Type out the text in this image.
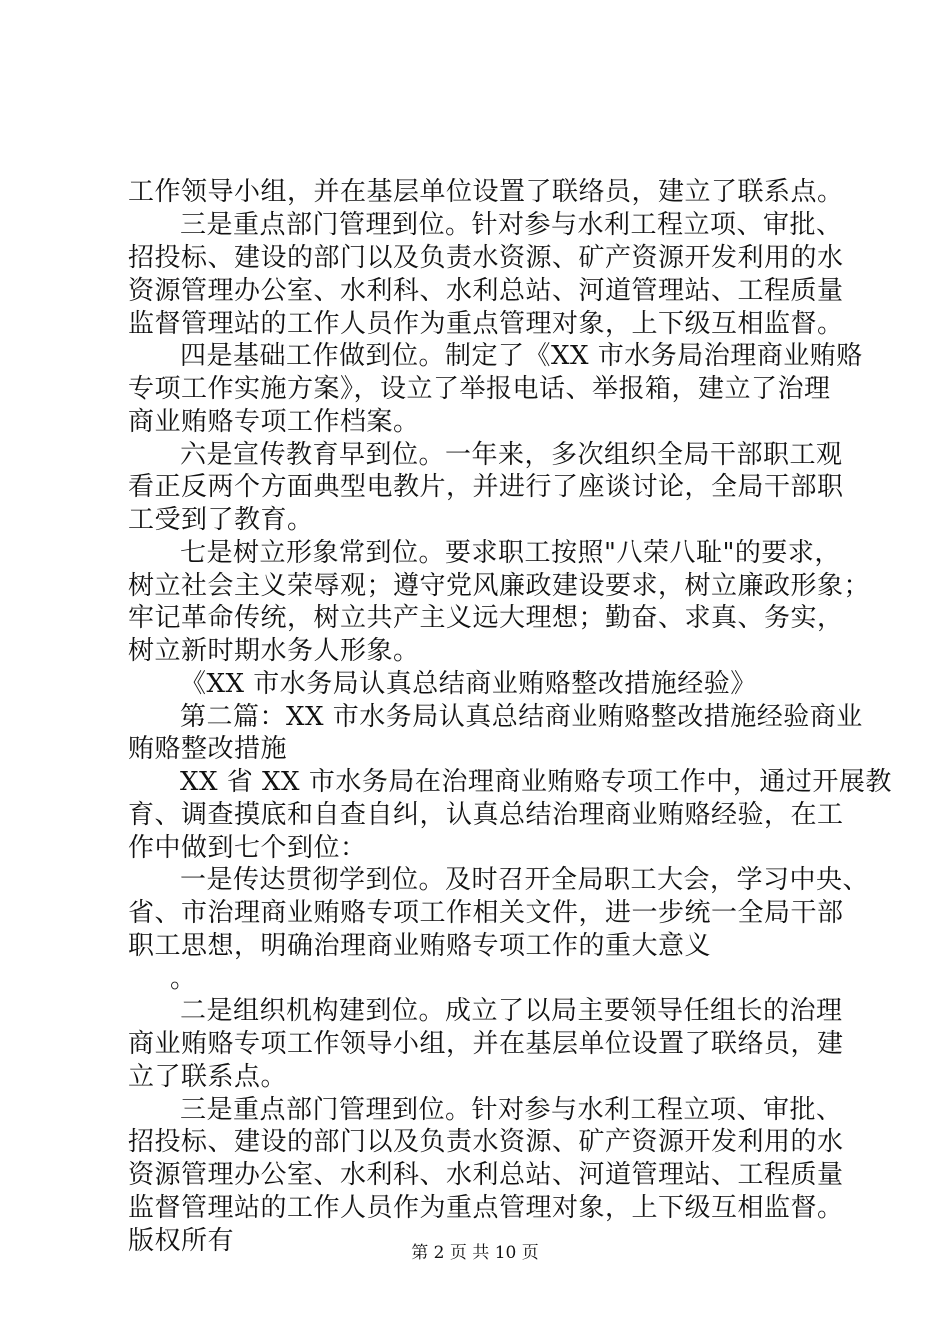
工作领导小组，并在基层单位设置了联络员，建立了联系点。
三是重点部门管理到位。针对参与水利工程立项、审批、
招投标、建设的部门以及负责水资源、矿产资源开发利用的水
资源管理办公室、水利科、水利总站、河道管理站、工程质量
监督管理站的工作人员作为重点管理对象，上下级互相监督。
四是基础工作做到位。制定了《XX 市水务局治理商业贿赂
专项工作实施方案》，设立了举报电话、举报箱，建立了治理
商业贿赂专项工作档案。
六是宣传教育早到位。一年来，多次组织全局干部职工观
看正反两个方面典型电教片，并进行了座谈讨论，全局干部职
工受到了教育。
七是树立形象常到位。要求职工按照"八荣八耻"的要求，
树立社会主义荣辱观；遵守党风廉政建设要求，树立廉政形象；
牢记革命传统，树立共产主义远大理想；勤奋、求真、务实，
树立新时期水务人形象。
《XX 市水务局认真总结商业贿赂整改措施经验》
第二篇：XX 市水务局认真总结商业贿赂整改措施经验商业
贿赂整改措施
XX 省 XX 市水务局在治理商业贿赂专项工作中，通过开展教
育、调查摸底和自查自纠，认真总结治理商业贿赂经验，在工
作中做到七个到位：
一是传达贯彻学到位。及时召开全局职工大会，学习中央、
省、市治理商业贿赂专项工作相关文件，进一步统一全局干部
职工思想，明确治理商业贿赂专项工作的重大意义
。
二是组织机构建到位。成立了以局主要领导任组长的治理
商业贿赂专项工作领导小组，并在基层单位设置了联络员，建
立了联系点。
三是重点部门管理到位。针对参与水利工程立项、审批、
招投标、建设的部门以及负责水资源、矿产资源开发利用的水
资源管理办公室、水利科、水利总站、河道管理站、工程质量
监督管理站的工作人员作为重点管理对象，上下级互相监督。
版权所有	第 2 页 共 10 页
